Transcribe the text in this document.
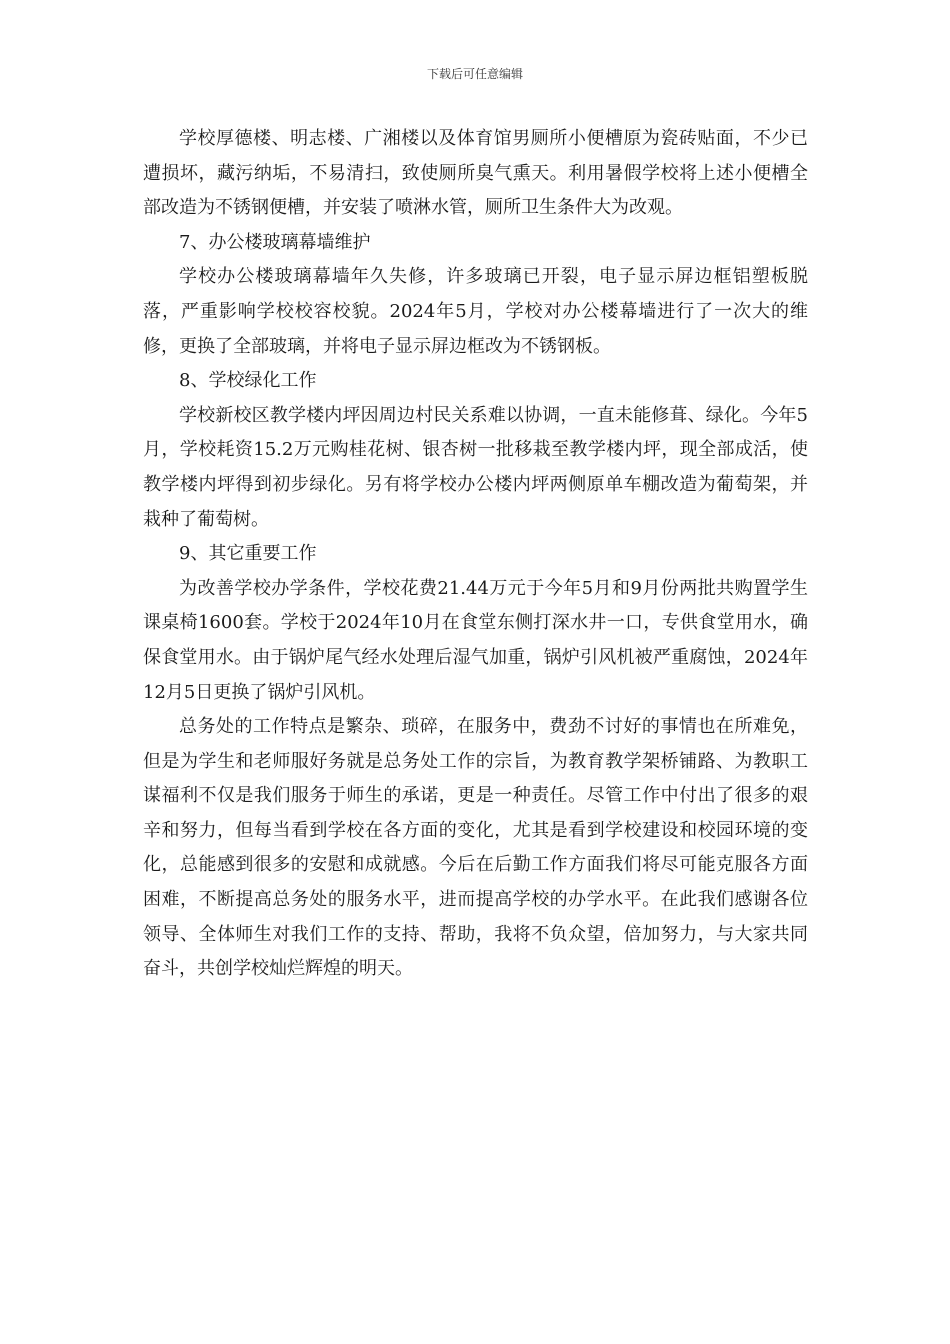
下载后可任意编辑

学校厚德楼、明志楼、广湘楼以及体育馆男厕所小便槽原为瓷砖贴面，不少已遭损坏，藏污纳垢，不易清扫，致使厕所臭气熏天。利用暑假学校将上述小便槽全部改造为不锈钢便槽，并安装了喷淋水管，厕所卫生条件大为改观。

7、办公楼玻璃幕墙维护

学校办公楼玻璃幕墙年久失修，许多玻璃已开裂，电子显示屏边框铝塑板脱落，严重影响学校校容校貌。2024年5月，学校对办公楼幕墙进行了一次大的维修，更换了全部玻璃，并将电子显示屏边框改为不锈钢板。

8、学校绿化工作

学校新校区教学楼内坪因周边村民关系难以协调，一直未能修葺、绿化。今年5月，学校耗资15.2万元购桂花树、银杏树一批移栽至教学楼内坪，现全部成活，使教学楼内坪得到初步绿化。另有将学校办公楼内坪两侧原单车棚改造为葡萄架，并栽种了葡萄树。

9、其它重要工作

为改善学校办学条件，学校花费21.44万元于今年5月和9月份两批共购置学生课桌椅1600套。学校于2024年10月在食堂东侧打深水井一口，专供食堂用水，确保食堂用水。由于锅炉尾气经水处理后湿气加重，锅炉引风机被严重腐蚀，2024年12月5日更换了锅炉引风机。

总务处的工作特点是繁杂、琐碎，在服务中，费劲不讨好的事情也在所难免，但是为学生和老师服好务就是总务处工作的宗旨，为教育教学架桥铺路、为教职工谋福利不仅是我们服务于师生的承诺，更是一种责任。尽管工作中付出了很多的艰辛和努力，但每当看到学校在各方面的变化，尤其是看到学校建设和校园环境的变化，总能感到很多的安慰和成就感。今后在后勤工作方面我们将尽可能克服各方面困难，不断提高总务处的服务水平，进而提高学校的办学水平。在此我们感谢各位领导、全体师生对我们工作的支持、帮助，我将不负众望，倍加努力，与大家共同奋斗，共创学校灿烂辉煌的明天。
